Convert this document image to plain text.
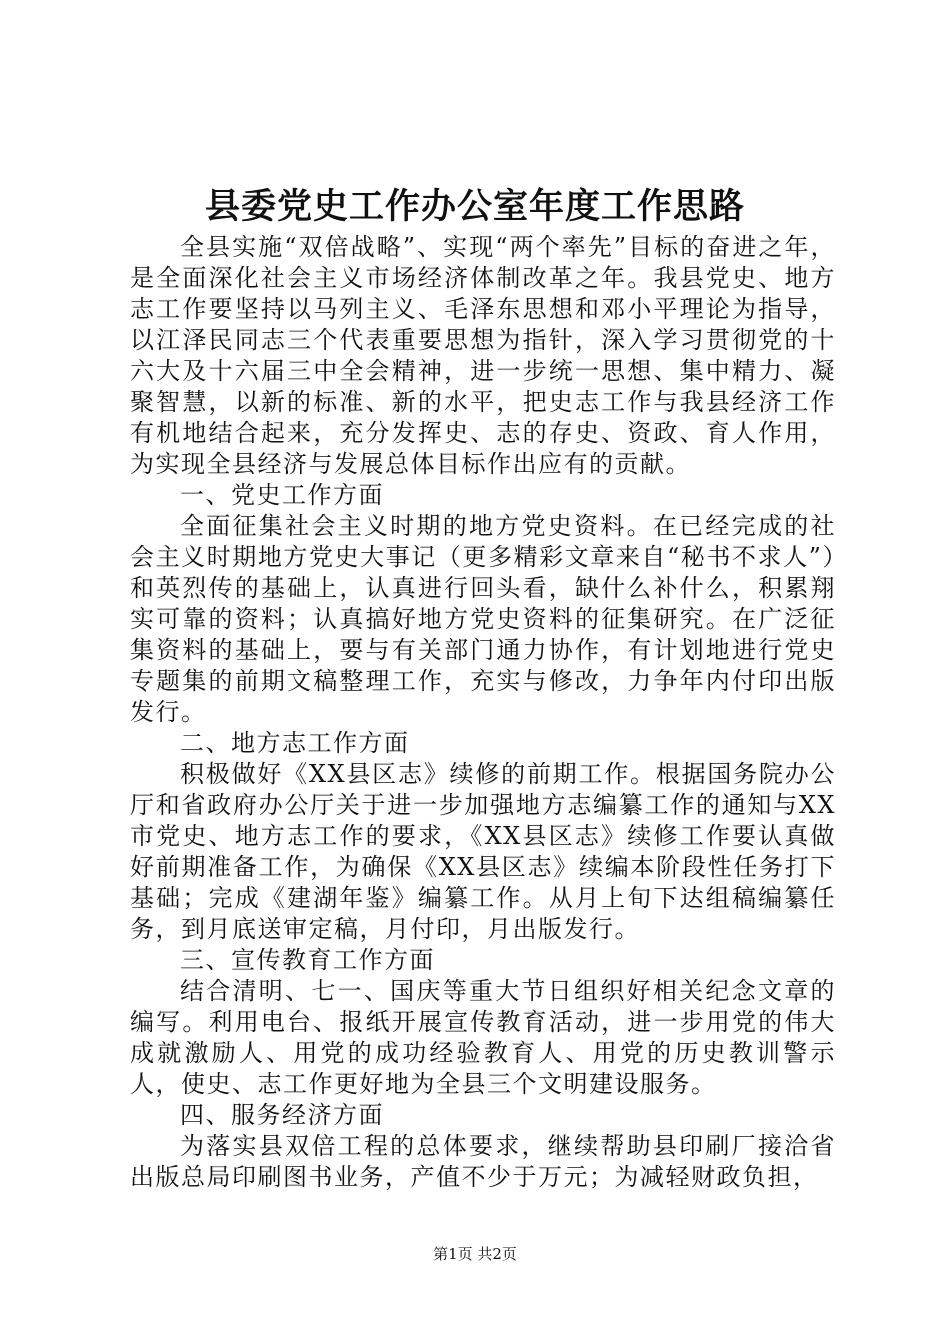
县委党史工作办公室年度工作思路

全县实施“双倍战略”、实现“两个率先”目标的奋进之年，是全面深化社会主义市场经济体制改革之年。我县党史、地方志工作要坚持以马列主义、毛泽东思想和邓小平理论为指导，以江泽民同志三个代表重要思想为指针，深入学习贯彻党的十六大及十六届三中全会精神，进一步统一思想、集中精力、凝聚智慧，以新的标准、新的水平，把史志工作与我县经济工作有机地结合起来，充分发挥史、志的存史、资政、育人作用，为实现全县经济与发展总体目标作出应有的贡献。

一、党史工作方面

全面征集社会主义时期的地方党史资料。在已经完成的社会主义时期地方党史大事记（更多精彩文章来自“秘书不求人”）和英烈传的基础上，认真进行回头看，缺什么补什么，积累翔实可靠的资料；认真搞好地方党史资料的征集研究。在广泛征集资料的基础上，要与有关部门通力协作，有计划地进行党史专题集的前期文稿整理工作，充实与修改，力争年内付印出版发行。

二、地方志工作方面

积极做好《XX县区志》续修的前期工作。根据国务院办公厅和省政府办公厅关于进一步加强地方志编纂工作的通知与XX市党史、地方志工作的要求，《XX县区志》续修工作要认真做好前期准备工作，为确保《XX县区志》续编本阶段性任务打下基础；完成《建湖年鉴》编纂工作。从月上旬下达组稿编纂任务，到月底送审定稿，月付印，月出版发行。

三、宣传教育工作方面

结合清明、七一、国庆等重大节日组织好相关纪念文章的编写。利用电台、报纸开展宣传教育活动，进一步用党的伟大成就激励人、用党的成功经验教育人、用党的历史教训警示人，使史、志工作更好地为全县三个文明建设服务。

四、服务经济方面

为落实县双倍工程的总体要求，继续帮助县印刷厂接洽省出版总局印刷图书业务，产值不少于万元；为减轻财政负担，

第1页 共2页
